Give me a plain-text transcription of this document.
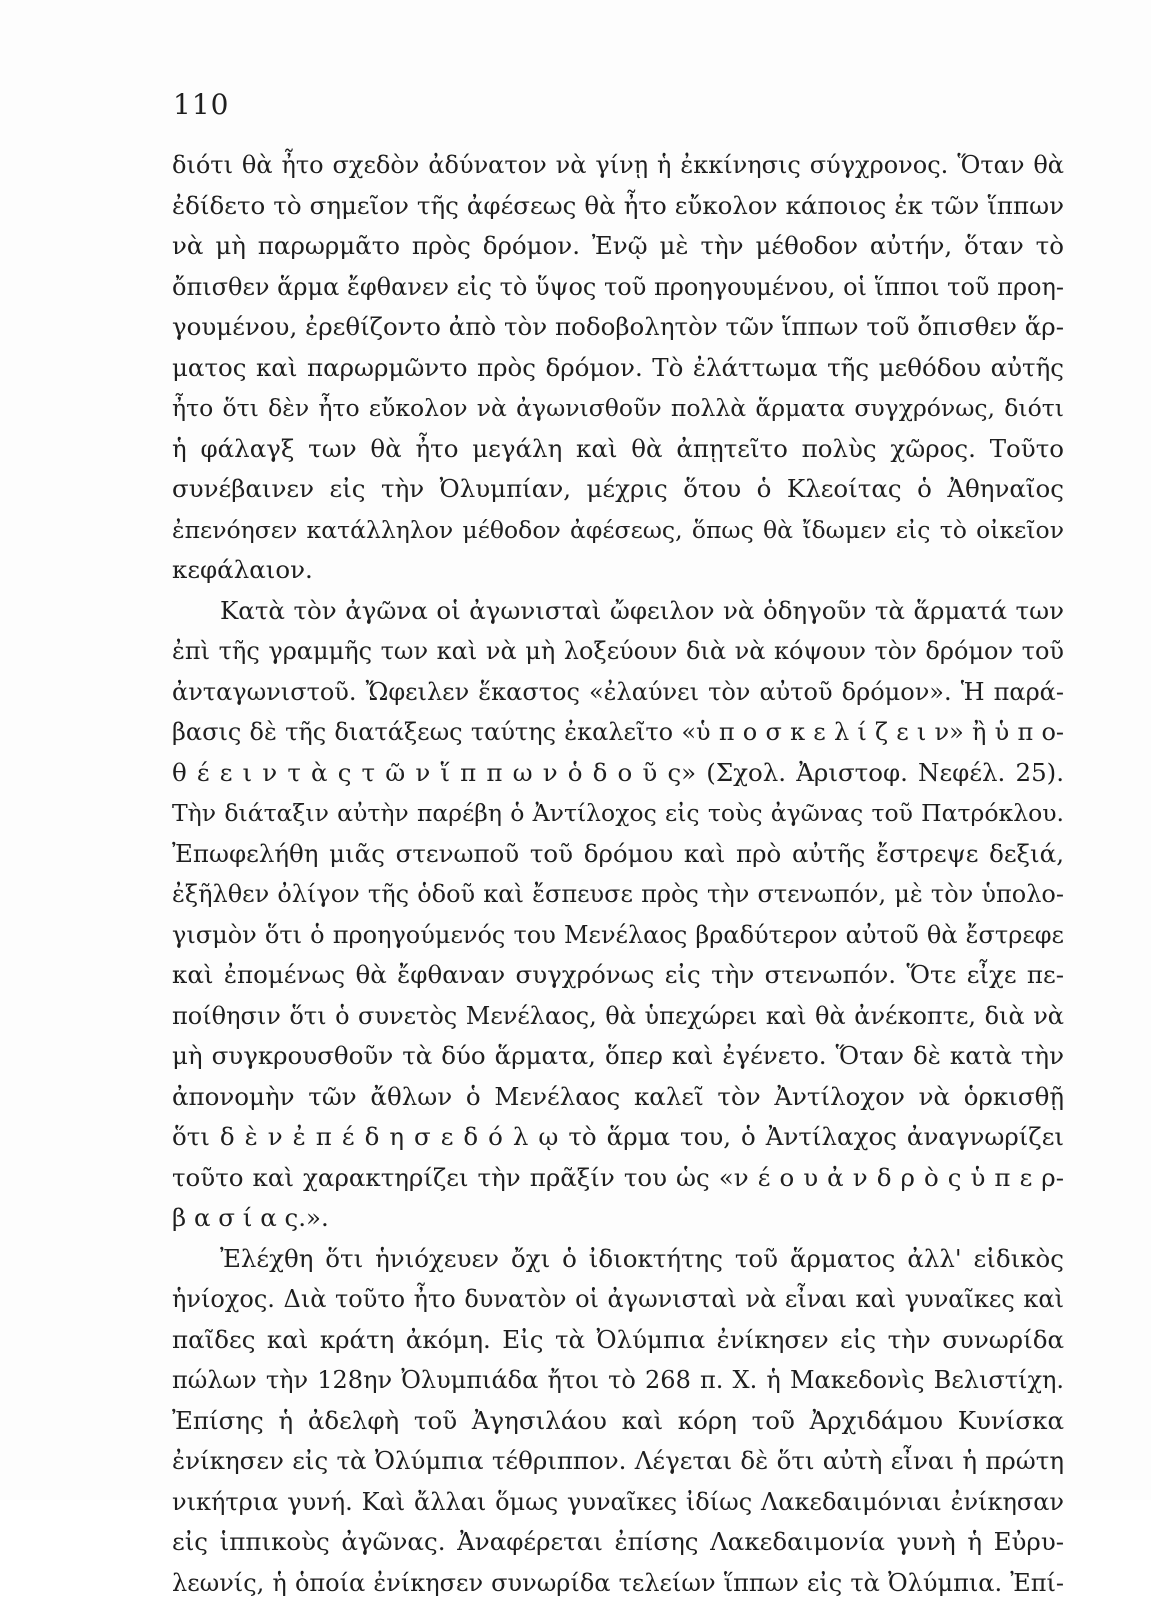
110
διότι θὰ ἦτο σχεδὸν ἀδύνατον νὰ γίνῃ ἡ ἐκκίνησις σύγχρονος. Ὅταν θὰ
ἐδίδετο τὸ σημεῖον τῆς ἀφέσεως θὰ ἦτο εὔκολον κάποιος ἐκ τῶν ἵππων
νὰ μὴ παρωρμᾶτο πρὸς δρόμον. Ἐνῷ μὲ τὴν μέθοδον αὐτήν, ὅταν τὸ
ὄπισθεν ἅρμα ἔφθανεν εἰς τὸ ὕψος τοῦ προηγουμένου, οἱ ἵπποι τοῦ προη-
γουμένου, ἐρεθίζοντο ἀπὸ τὸν ποδοβολητὸν τῶν ἵππων τοῦ ὄπισθεν ἅρ-
ματος καὶ παρωρμῶντο πρὸς δρόμον. Τὸ ἐλάττωμα τῆς μεθόδου αὐτῆς
ἦτο ὅτι δὲν ἦτο εὔκολον νὰ ἀγωνισθοῦν πολλὰ ἅρματα συγχρόνως, διότι
ἡ φάλαγξ των θὰ ἦτο μεγάλη καὶ θὰ ἀπῃτεῖτο πολὺς χῶρος. Τοῦτο
συνέβαινεν εἰς τὴν Ὀλυμπίαν, μέχρις ὅτου ὁ Κλεοίτας ὁ Ἀθηναῖος
ἐπενόησεν κατάλληλον μέθοδον ἀφέσεως, ὅπως θὰ ἴδωμεν εἰς τὸ οἰκεῖον
κεφάλαιον.
Κατὰ τὸν ἀγῶνα οἱ ἀγωνισταὶ ὤφειλον νὰ ὁδηγοῦν τὰ ἅρματά των
ἐπὶ τῆς γραμμῆς των καὶ νὰ μὴ λοξεύουν διὰ νὰ κόψουν τὸν δρόμον τοῦ
ἀνταγωνιστοῦ. Ὤφειλεν ἕκαστος «ἐλαύνει τὸν αὐτοῦ δρόμον». Ἡ παρά-
βασις δὲ τῆς διατάξεως ταύτης ἐκαλεῖτο «ὑ π ο σ κ ε λ ί ζ ε ι ν» ἢ ὑ π ο-
θ έ ε ι ν τ ὰ ς τ ῶ ν ἵ π π ω ν ὁ δ ο ῦ ς» (Σχολ. Ἀριστοφ. Νεφέλ. 25).
Τὴν διάταξιν αὐτὴν παρέβη ὁ Ἀντίλοχος εἰς τοὺς ἀγῶνας τοῦ Πατρόκλου.
Ἐπωφελήθη μιᾶς στενωποῦ τοῦ δρόμου καὶ πρὸ αὐτῆς ἔστρεψε δεξιά,
ἐξῆλθεν ὀλίγον τῆς ὁδοῦ καὶ ἔσπευσε πρὸς τὴν στενωπόν, μὲ τὸν ὑπολο-
γισμὸν ὅτι ὁ προηγούμενός του Μενέλαος βραδύτερον αὐτοῦ θὰ ἔστρεφε
καὶ ἐπομένως θὰ ἔφθαναν συγχρόνως εἰς τὴν στενωπόν. Ὅτε εἶχε πε-
ποίθησιν ὅτι ὁ συνετὸς Μενέλαος, θὰ ὑπεχώρει καὶ θὰ ἀνέκοπτε, διὰ νὰ
μὴ συγκρουσθοῦν τὰ δύο ἅρματα, ὅπερ καὶ ἐγένετο. Ὅταν δὲ κατὰ τὴν
ἀπονομὴν τῶν ἄθλων ὁ Μενέλαος καλεῖ τὸν Ἀντίλοχον νὰ ὁρκισθῇ
ὅτι δ ὲ ν ἐ π έ δ η σ ε δ ό λ ῳ τὸ ἅρμα του, ὁ Ἀντίλαχος ἀναγνωρίζει
τοῦτο καὶ χαρακτηρίζει τὴν πρᾶξίν του ὡς «ν έ ο υ ἀ ν δ ρ ὸ ς ὑ π ε ρ-
β α σ ί α ς.».
Ἐλέχθη ὅτι ἡνιόχευεν ὄχι ὁ ἰδιοκτήτης τοῦ ἅρματος ἀλλ' εἰδικὸς
ἡνίοχος. Διὰ τοῦτο ἦτο δυνατὸν οἱ ἀγωνισταὶ νὰ εἶναι καὶ γυναῖκες καὶ
παῖδες καὶ κράτη ἀκόμη. Εἰς τὰ Ὀλύμπια ἐνίκησεν εἰς τὴν συνωρίδα
πώλων τὴν 128ην Ὀλυμπιάδα ἤτοι τὸ 268 π. Χ. ἡ Μακεδονὶς Βελιστίχη.
Ἐπίσης ἡ ἀδελφὴ τοῦ Ἀγησιλάου καὶ κόρη τοῦ Ἀρχιδάμου Κυνίσκα
ἐνίκησεν εἰς τὰ Ὀλύμπια τέθριππον. Λέγεται δὲ ὅτι αὐτὴ εἶναι ἡ πρώτη
νικήτρια γυνή. Καὶ ἄλλαι ὅμως γυναῖκες ἰδίως Λακεδαιμόνιαι ἐνίκησαν
εἰς ἱππικοὺς ἀγῶνας. Ἀναφέρεται ἐπίσης Λακεδαιμονία γυνὴ ἡ Εὐρυ-
λεωνίς, ἡ ὁποία ἐνίκησεν συνωρίδα τελείων ἵππων εἰς τὰ Ὀλύμπια. Ἐπί-
